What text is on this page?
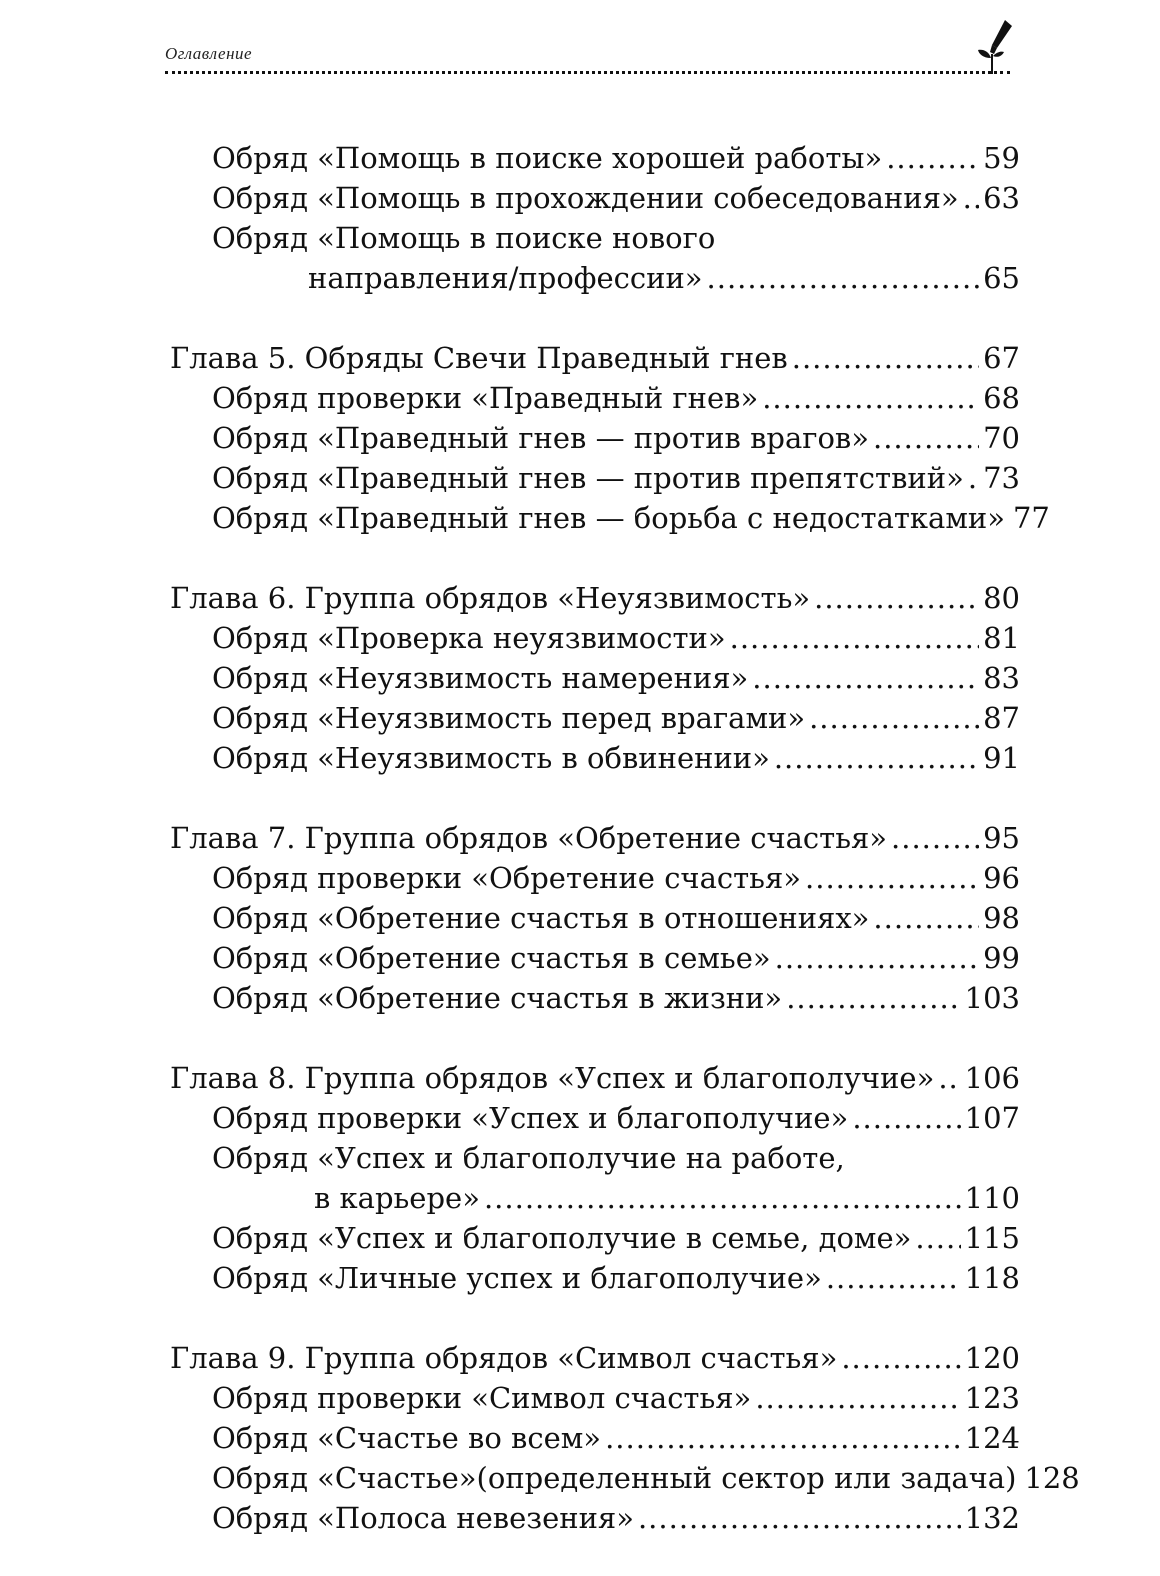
Оглавление
Обряд «Помощь в поиске хорошей работы» .....	59
Обряд «Помощь в прохождении собеседования» ..... 63
Обряд «Помощь в поиске нового
направления/профессии» .....	65
Глава 5. Обряды Свечи Праведный гнев .....	67
Обряд проверки «Праведный гнев» .....	68
Обряд «Праведный гнев — против врагов» .....	70
Обряд «Праведный гнев — против препятствий» ..... 73
Обряд «Праведный гнев — борьба с недостатками» 77
Глава 6. Группа обрядов «Неуязвимость» .....	80
Обряд «Проверка неуязвимости» .....	81
Обряд «Неуязвимость намерения» .....	83
Обряд «Неуязвимость перед врагами» .....	87
Обряд «Неуязвимость в обвинении» .....	91
Глава 7. Группа обрядов «Обретение счастья» .....	95
Обряд проверки «Обретение счастья» .....	96
Обряд «Обретение счастья в отношениях» .....	98
Обряд «Обретение счастья в семье» .....	99
Обряд «Обретение счастья в жизни» .....	103
Глава 8. Группа обрядов «Успех и благополучие» ..... 106
Обряд проверки «Успех и благополучие» .....	107
Обряд «Успех и благополучие на работе,
в карьере» .....	110
Обряд «Успех и благополучие в семье, доме» ..... 115
Обряд «Личные успех и благополучие» .....	118
Глава 9. Группа обрядов «Символ счастья» .....	120
Обряд проверки «Символ счастья» .....	123
Обряд «Счастье во всем» .....	124
Обряд «Счастье»(определенный сектор или задача) 128
Обряд «Полоса невезения» .....	132
